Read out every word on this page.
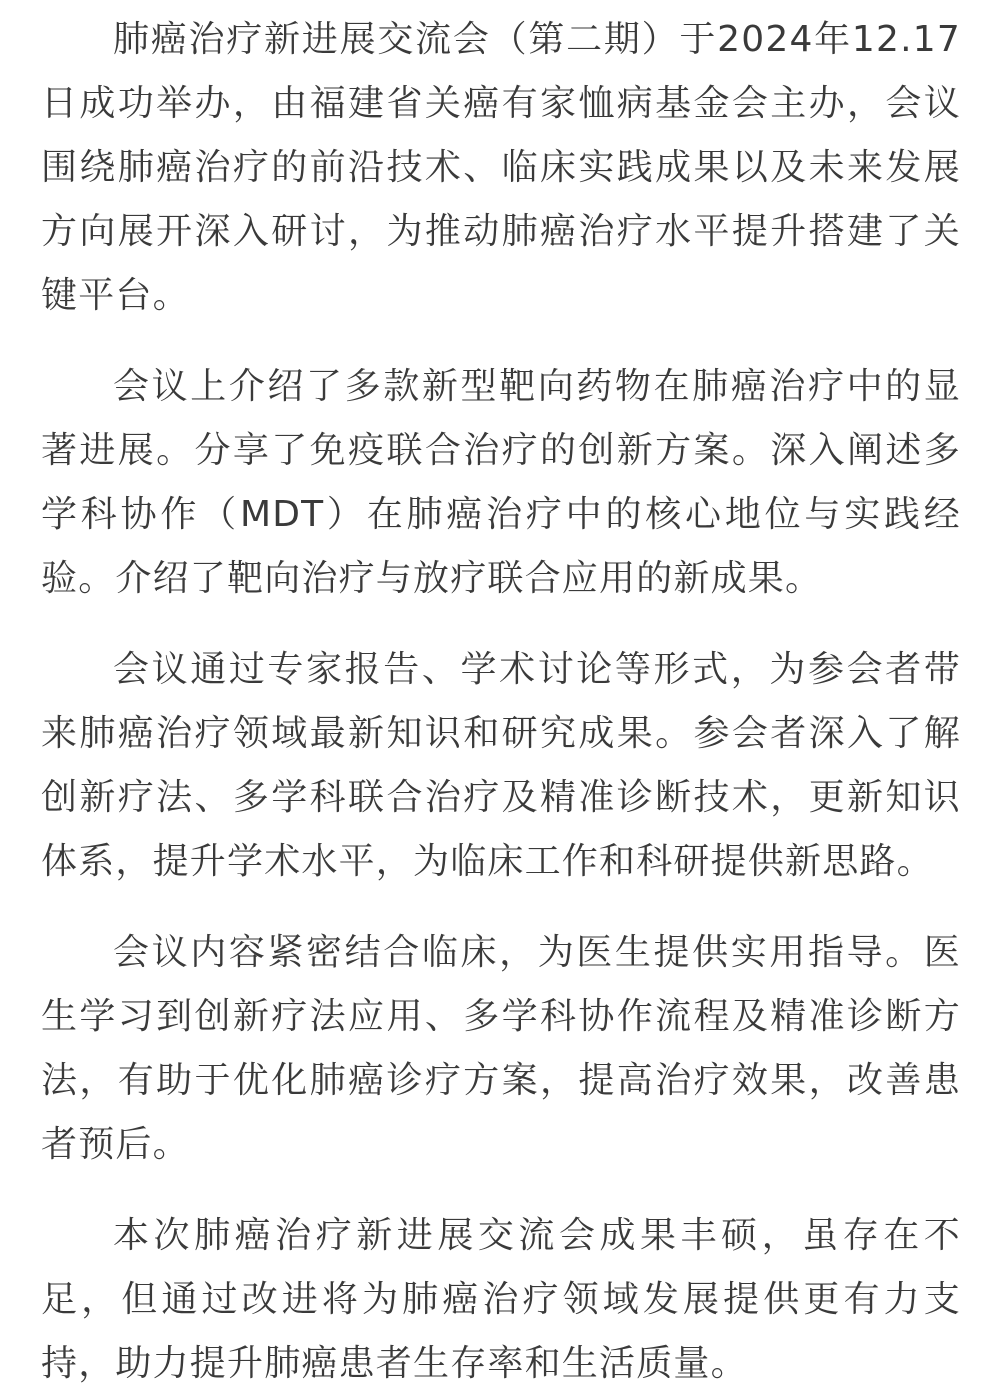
肺癌治疗新进展交流会（第二期）于2024年12.17日成功举办，由福建省关癌有家恤病基金会主办，会议围绕肺癌治疗的前沿技术、临床实践成果以及未来发展方向展开深入研讨，为推动肺癌治疗水平提升搭建了关键平台。

会议上介绍了多款新型靶向药物在肺癌治疗中的显著进展。分享了免疫联合治疗的创新方案。深入阐述多学科协作（MDT）在肺癌治疗中的核心地位与实践经验。介绍了靶向治疗与放疗联合应用的新成果。

会议通过专家报告、学术讨论等形式，为参会者带来肺癌治疗领域最新知识和研究成果。参会者深入了解创新疗法、多学科联合治疗及精准诊断技术，更新知识体系，提升学术水平，为临床工作和科研提供新思路。

会议内容紧密结合临床，为医生提供实用指导。医生学习到创新疗法应用、多学科协作流程及精准诊断方法，有助于优化肺癌诊疗方案，提高治疗效果，改善患者预后。

本次肺癌治疗新进展交流会成果丰硕，虽存在不足，但通过改进将为肺癌治疗领域发展提供更有力支持，助力提升肺癌患者生存率和生活质量。
